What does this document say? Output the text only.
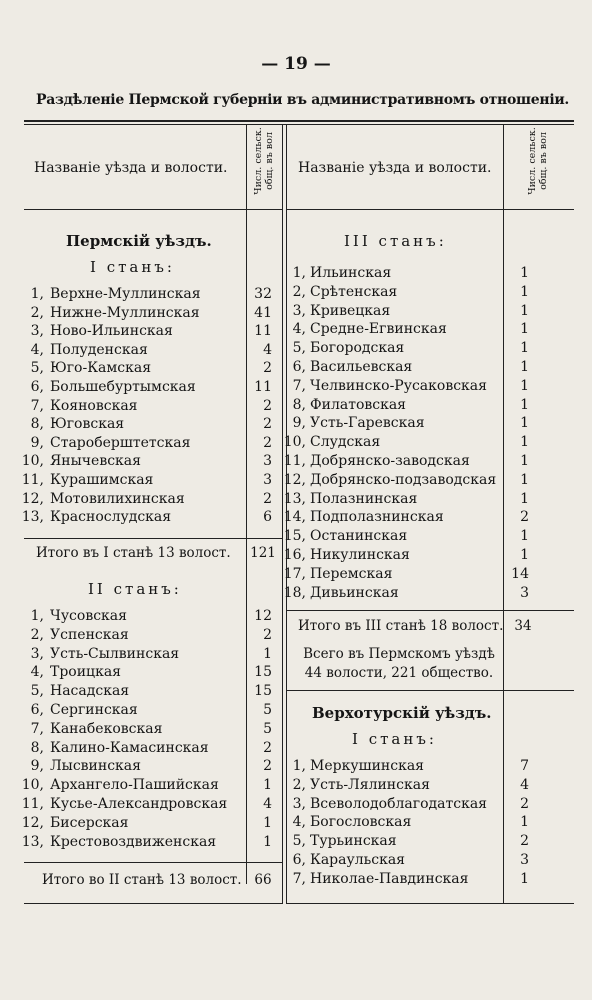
— 19 —
Раздѣленіе Пермской губерніи въ административномъ отношеніи.
Названіе уѣзда и волости.	Названіе уѣзда и волости.
Числ. сельск.
общ. въ вол	Числ. сельск.
общ. въ вол
Пермскій уѣздъ.
I станъ:
1, Верхне-Муллинская	32
2, Нижне-Муллинская	41
3, Ново-Ильинская	11
4, Полуденская	4
5, Юго-Камская	2
6, Большебуртымская	11
7, Кояновская	2
8, Юговская	2
9, Староберштетская	2
10, Янычевская	3
11, Курашимская	3
12, Мотовилихинская	2
13, Краснослудская	6
Итого въ I станѣ 13 волост.	121
II станъ:
1, Чусовская	12
2, Успенская	2
3, Усть-Сылвинская	1
4, Троицкая	15
5, Насадская	15
6, Сергинская	5
7, Канабековская	5
8, Калино-Камасинская	2
9, Лысвинская	2
10, Архангело-Пашийская	1
11, Кусье-Александровская	4
12, Бисерская	1
13, Крестовоздвиженская	1
Итого во II станѣ 13 волост. 66
III станъ:
1, Ильинская	1
2, Срѣтенская	1
3, Кривецкая	1
4, Средне-Егвинская	1
5, Богородская	1
6, Васильевская	1
7, Челвинско-Русаковская	1
8, Филатовская	1
9, Усть-Гаревская	1
10, Слудская	1
11, Добрянско-заводская	1
12, Добрянско-подзаводская	1
13, Полазнинская	1
14, Подполазнинская	2
15, Останинская	1
16, Никулинская	1
17, Перемская	14
18, Дивьинская	3
Итого въ III станѣ 18 волост. 34
Всего въ Пермскомъ уѣздѣ
44 волости, 221 общество.
Верхотурскій уѣздъ.
I станъ:
1, Меркушинская	7
2, Усть-Лялинская	4
3, Всеволодоблагодатская	2
4, Богословская	1
5, Турьинская	2
6, Караульская	3
7, Николае-Павдинская	1
